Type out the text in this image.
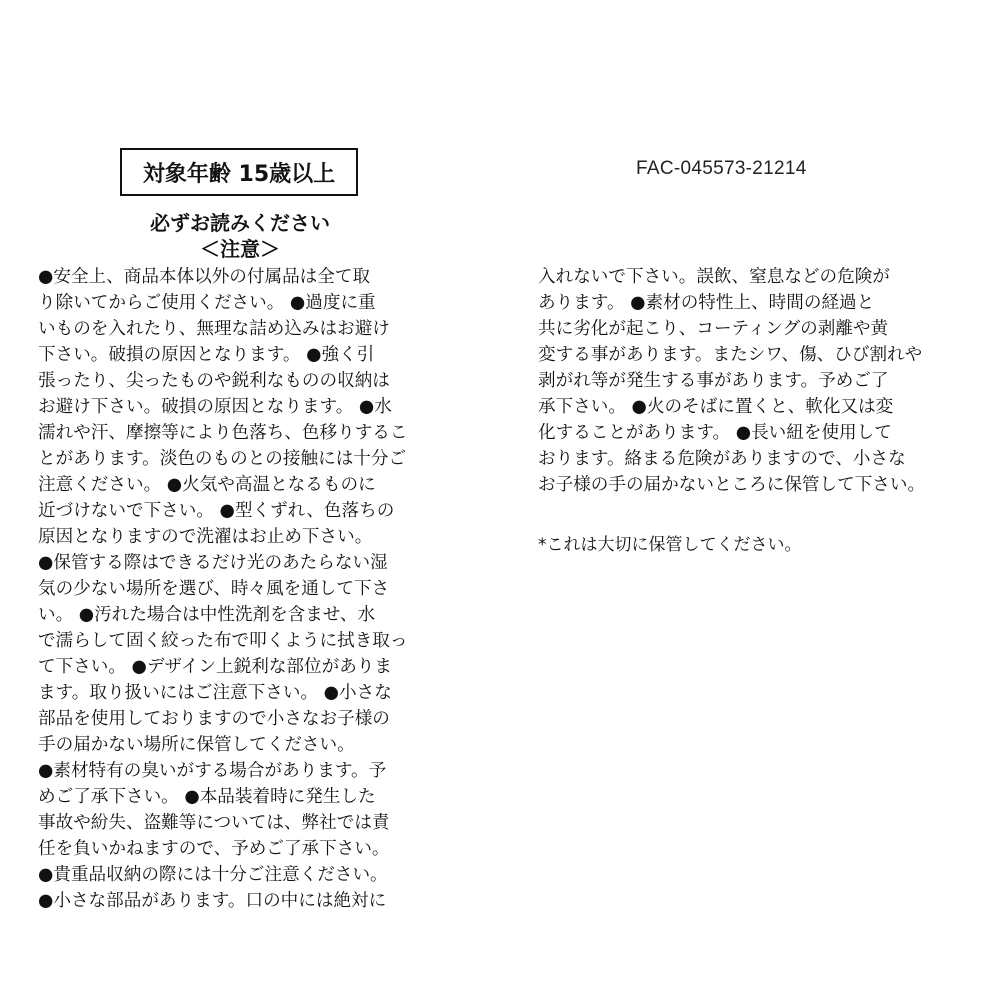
対象年齢 15歳以上	FAC-045573-21214
必ずお読みください
＜注意＞
●安全上、商品本体以外の付属品は全て取
り除いてからご使用ください。 ●過度に重
いものを入れたり、無理な詰め込みはお避け
下さい。破損の原因となります。 ●強く引
張ったり、尖ったものや鋭利なものの収納は
お避け下さい。破損の原因となります。 ●水
濡れや汗、摩擦等により色落ち、色移りするこ
とがあります。淡色のものとの接触には十分ご
注意ください。 ●火気や高温となるものに
近づけないで下さい。 ●型くずれ、色落ちの
原因となりますので洗濯はお止め下さい。
●保管する際はできるだけ光のあたらない湿
気の少ない場所を選び、時々風を通して下さ
い。 ●汚れた場合は中性洗剤を含ませ、水
で濡らして固く絞った布で叩くように拭き取っ
て下さい。 ●デザイン上鋭利な部位がありま
ます。取り扱いにはご注意下さい。 ●小さな
部品を使用しておりますので小さなお子様の
手の届かない場所に保管してください。
●素材特有の臭いがする場合があります。予
めご了承下さい。 ●本品装着時に発生した
事故や紛失、盗難等については、弊社では責
任を負いかねますので、予めご了承下さい。
●貴重品収納の際には十分ご注意ください。
●小さな部品があります。口の中には絶対に
入れないで下さい。誤飲、窒息などの危険が
あります。 ●素材の特性上、時間の経過と
共に劣化が起こり、コーティングの剥離や黄
変する事があります。またシワ、傷、ひび割れや
剥がれ等が発生する事があります。予めご了
承下さい。 ●火のそばに置くと、軟化又は変
化することがあります。 ●長い紐を使用して
おります。絡まる危険がありますので、小さな
お子様の手の届かないところに保管して下さい。
*これは大切に保管してください。
